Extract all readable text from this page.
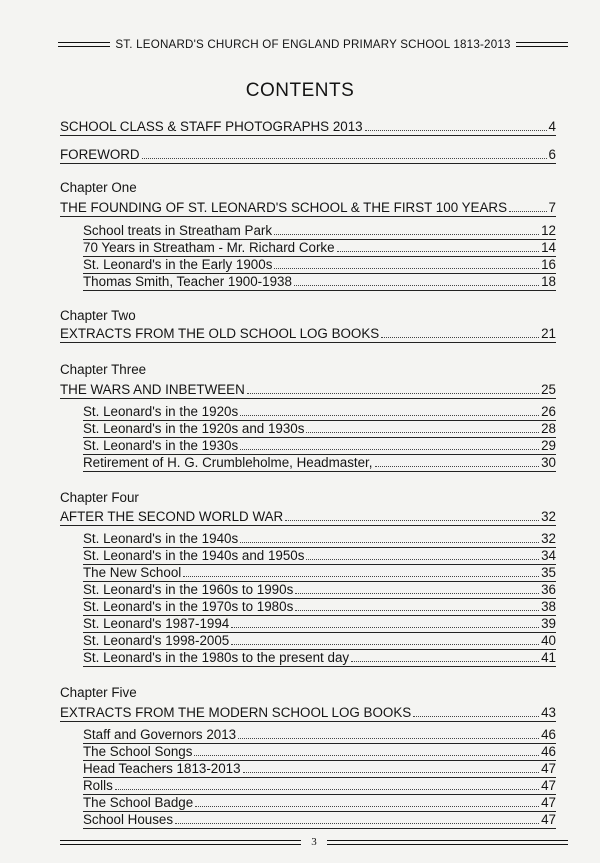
ST. LEONARD'S CHURCH OF ENGLAND PRIMARY SCHOOL 1813-2013
CONTENTS
SCHOOL CLASS & STAFF PHOTOGRAPHS 2013	4
FOREWORD	6
Chapter One
THE FOUNDING OF ST. LEONARD'S SCHOOL & THE FIRST 100 YEARS	7
School treats in Streatham Park	12
70 Years in Streatham - Mr. Richard Corke	14
St. Leonard's in the Early 1900s	16
Thomas Smith, Teacher 1900-1938	18
Chapter Two
EXTRACTS FROM THE OLD SCHOOL LOG BOOKS	21
Chapter Three
THE WARS AND INBETWEEN	25
St. Leonard's in the 1920s	26
St. Leonard's in the 1920s and 1930s	28
St. Leonard's in the 1930s	29
Retirement of H. G. Crumbleholme, Headmaster,	30
Chapter Four
AFTER THE SECOND WORLD WAR	32
St. Leonard's in the 1940s	32
St. Leonard's in the 1940s and 1950s	34
The New School	35
St. Leonard's in the 1960s to 1990s	36
St. Leonard's in the 1970s to 1980s	38
St. Leonard's 1987-1994	39
St. Leonard's 1998-2005	40
St. Leonard's in the 1980s to the present day	41
Chapter Five
EXTRACTS FROM THE MODERN SCHOOL LOG BOOKS	43
Staff and Governors 2013	46
The School Songs	46
Head Teachers 1813-2013	47
Rolls	47
The School Badge	47
School Houses	47
3
